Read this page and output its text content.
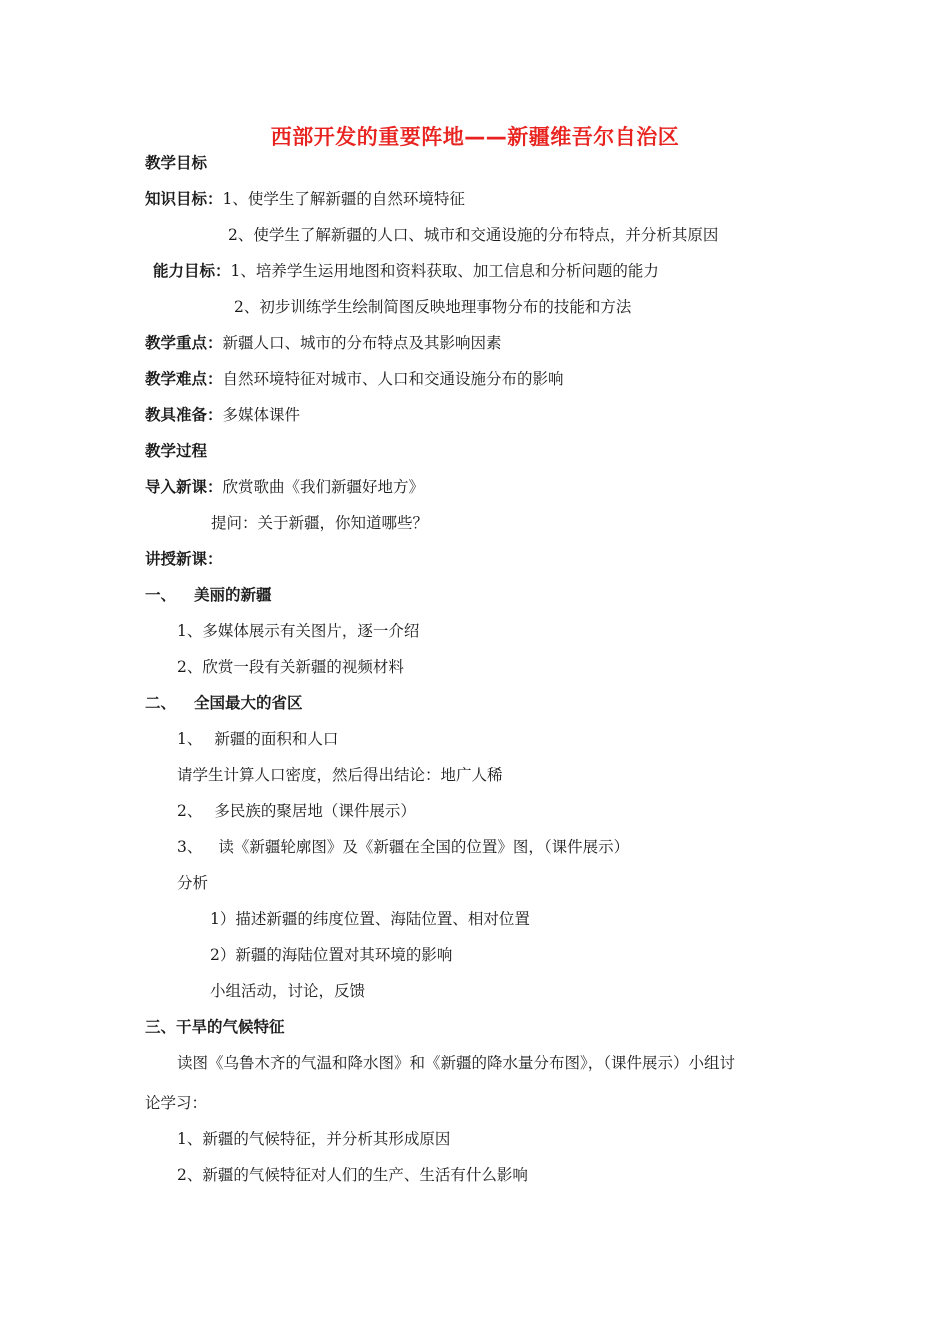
西部开发的重要阵地——新疆维吾尔自治区
教学目标
知识目标：1、使学生了解新疆的自然环境特征
2、使学生了解新疆的人口、城市和交通设施的分布特点，并分析其原因
能力目标：1、培养学生运用地图和资料获取、加工信息和分析问题的能力
2、初步训练学生绘制简图反映地理事物分布的技能和方法
教学重点：新疆人口、城市的分布特点及其影响因素
教学难点：自然环境特征对城市、人口和交通设施分布的影响
教具准备：多媒体课件
教学过程
导入新课：欣赏歌曲《我们新疆好地方》
提问：关于新疆，你知道哪些？
讲授新课：
一、 美丽的新疆
1、多媒体展示有关图片，逐一介绍
2、欣赏一段有关新疆的视频材料
二、 全国最大的省区
1、 新疆的面积和人口
请学生计算人口密度，然后得出结论：地广人稀
2、 多民族的聚居地（课件展示）
3、 读《新疆轮廓图》及《新疆在全国的位置》图，（课件展示）
分析
1）描述新疆的纬度位置、海陆位置、相对位置
2）新疆的海陆位置对其环境的影响
小组活动，讨论，反馈
三、干旱的气候特征
读图《乌鲁木齐的气温和降水图》和《新疆的降水量分布图》，（课件展示）小组讨
论学习：
1、新疆的气候特征，并分析其形成原因
2、新疆的气候特征对人们的生产、生活有什么影响
